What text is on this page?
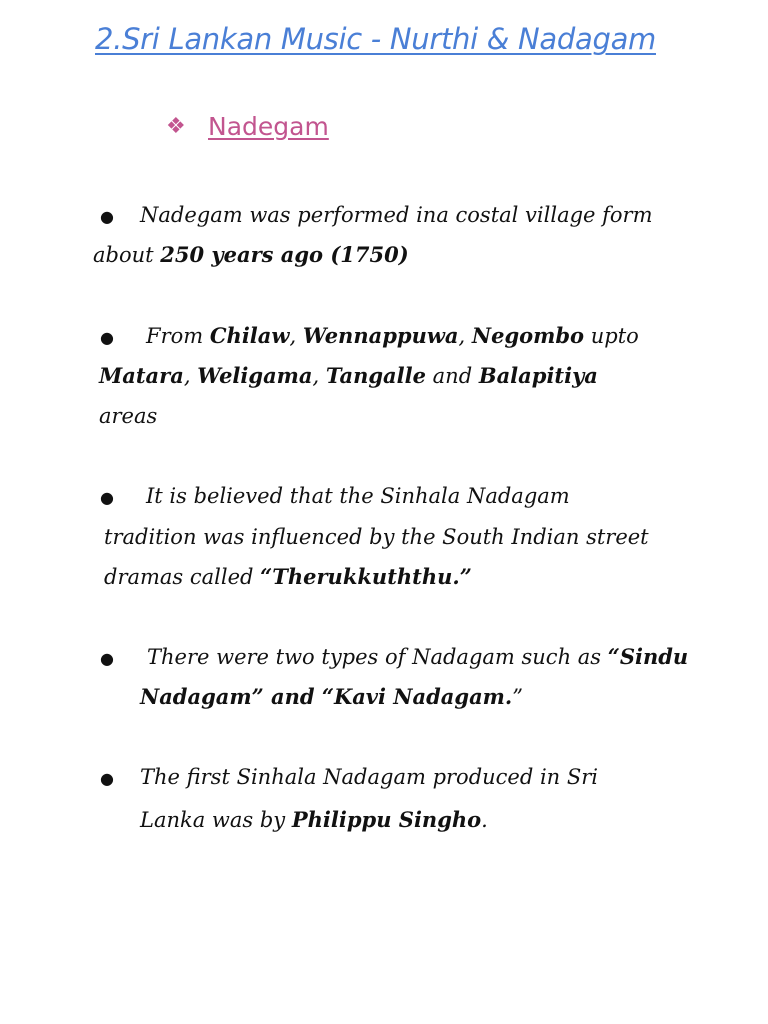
2.Sri Lankan Music - Nurthi & Nadagam
❖ Nadegam
● Nadegam was performed ina costal village form
about 250 years ago (1750)
● From Chilaw, Wennappuwa, Negombo upto
Matara, Weligama, Tangalle and Balapitiya
areas
● It is believed that the Sinhala Nadagam
tradition was influenced by the South Indian street
dramas called “Therukkuththu.”
● There were two types of Nadagam such as “Sindu
Nadagam” and “Kavi Nadagam.”
● The first Sinhala Nadagam produced in Sri
Lanka was by Philippu Singho.
